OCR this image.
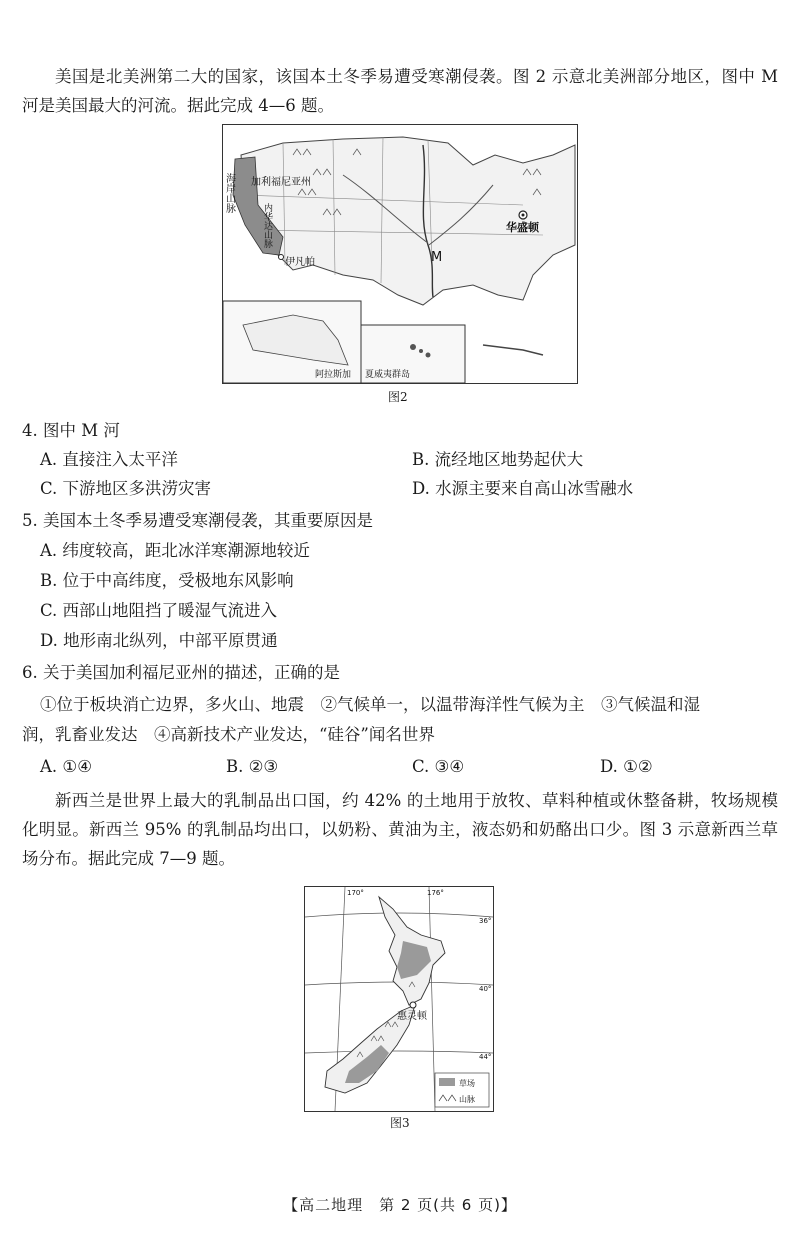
美国是北美洲第二大的国家，该国本土冬季易遭受寒潮侵袭。图 2 示意北美洲部分地区，图中 M 河是美国最大的河流。据此完成 4—6 题。

海岸山脉 加利福尼亚州
内华达山脉
伊凡帕	M
华盛顿
阿拉斯加 夏威夷群岛
图2

4. 图中 M 河

A. 直接注入太平洋	B. 流经地区地势起伏大

C. 下游地区多洪涝灾害	D. 水源主要来自高山冰雪融水

5. 美国本土冬季易遭受寒潮侵袭，其重要原因是

A. 纬度较高，距北冰洋寒潮源地较近

B. 位于中高纬度，受极地东风影响

C. 西部山地阻挡了暖湿气流进入

D. 地形南北纵列，中部平原贯通

6. 关于美国加利福尼亚州的描述，正确的是

①位于板块消亡边界，多火山、地震　②气候单一，以温带海洋性气候为主　③气候温和湿

润，乳畜业发达　④高新技术产业发达，“硅谷”闻名世界

A. ①④	B. ②③	C. ③④	D. ①②

新西兰是世界上最大的乳制品出口国，约 42% 的土地用于放牧、草料种植或休整备耕，牧场规模化明显。新西兰 95% 的乳制品均出口，以奶粉、黄油为主，液态奶和奶酪出口少。图 3 示意新西兰草场分布。据此完成 7—9 题。

惠灵顿
170°	176°
36°
40°
44°
草场
山脉
图3
【高二地理　第 2 页(共 6 页)】
